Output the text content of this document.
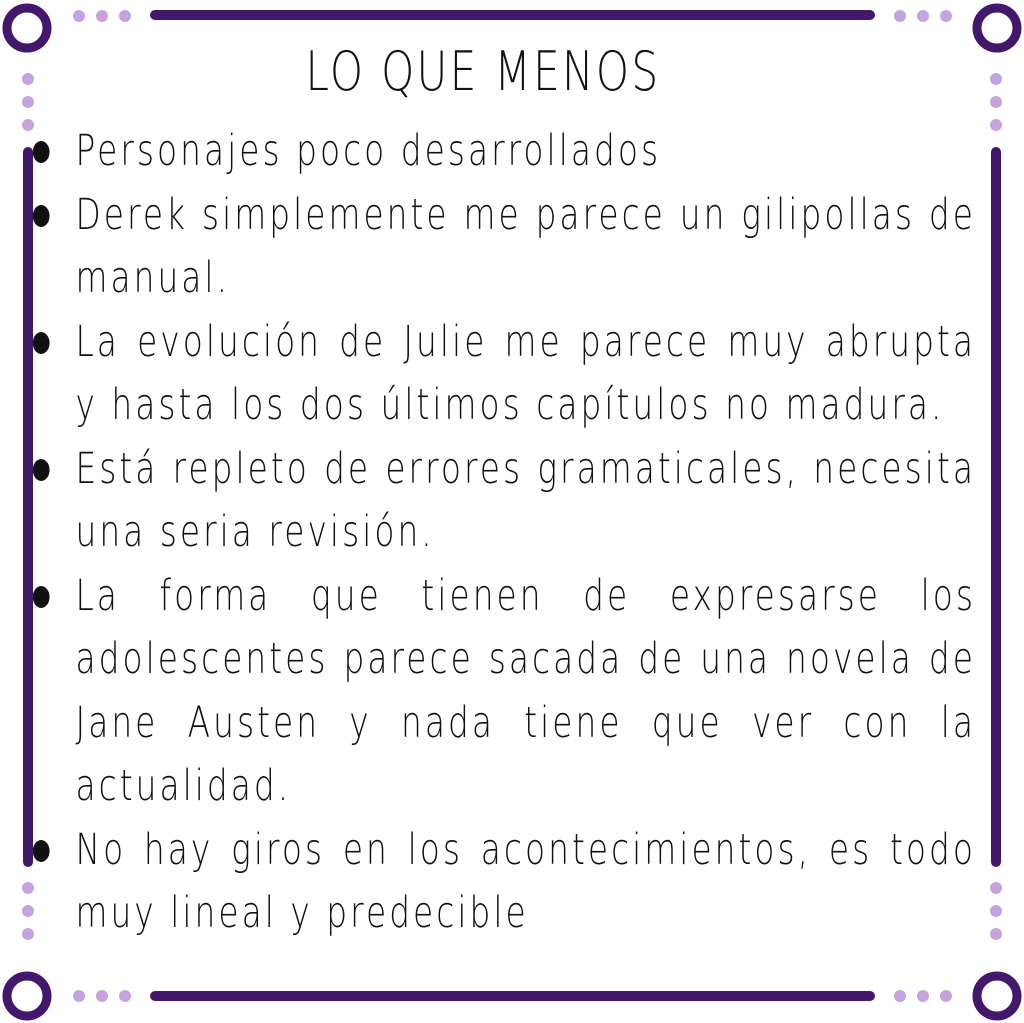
LO QUE MENOS
Personajes poco desarrollados
Derek simplemente me parece un gilipollas de manual.
La evolución de Julie me parece muy abrupta y hasta los dos últimos capítulos no madura.
Está repleto de errores gramaticales, necesita una seria revisión.
La forma que tienen de expresarse los adolescentes parece sacada de una novela de Jane Austen y nada tiene que ver con la actualidad.
No hay giros en los acontecimientos, es todo muy lineal y predecible
